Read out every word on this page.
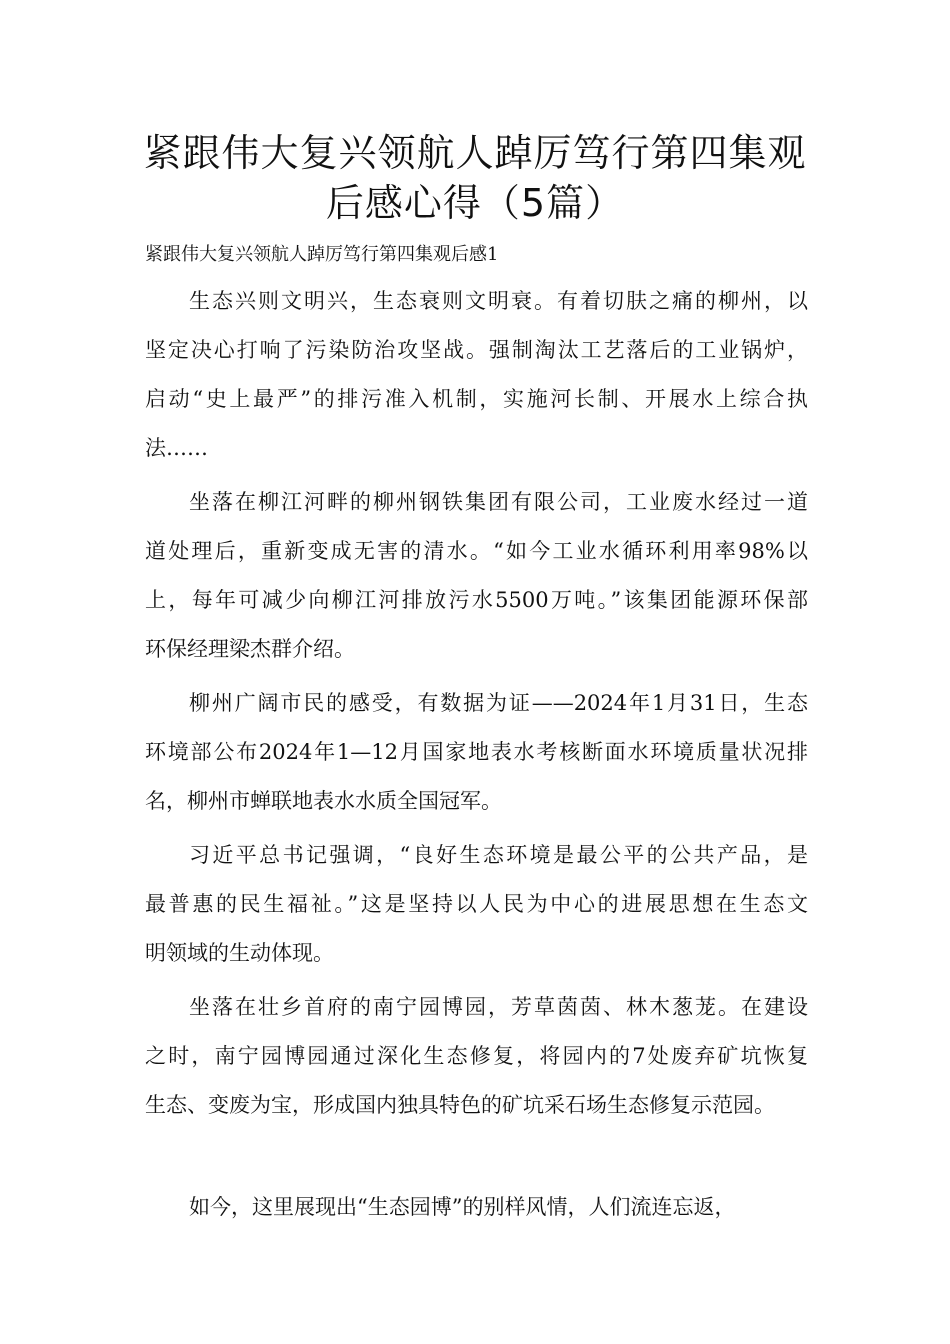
紧跟伟大复兴领航人踔厉笃行第四集观
后感心得（5篇）
紧跟伟大复兴领航人踔厉笃行第四集观后感1
生态兴则文明兴，生态衰则文明衰。有着切肤之痛的柳州，以
坚定决心打响了污染防治攻坚战。强制淘汰工艺落后的工业锅炉，
启动“史上最严”的排污准入机制，实施河长制、开展水上综合执
法……
坐落在柳江河畔的柳州钢铁集团有限公司，工业废水经过一道
道处理后，重新变成无害的清水。“如今工业水循环利用率98%以
上，每年可减少向柳江河排放污水5500万吨。”该集团能源环保部
环保经理梁杰群介绍。
柳州广阔市民的感受，有数据为证——2024年1月31日，生态
环境部公布2024年1—12月国家地表水考核断面水环境质量状况排
名，柳州市蝉联地表水水质全国冠军。
习近平总书记强调，“良好生态环境是最公平的公共产品，是
最普惠的民生福祉。”这是坚持以人民为中心的进展思想在生态文
明领域的生动体现。
坐落在壮乡首府的南宁园博园，芳草茵茵、林木葱茏。在建设
之时，南宁园博园通过深化生态修复，将园内的7处废弃矿坑恢复
生态、变废为宝，形成国内独具特色的矿坑采石场生态修复示范园。
如今，这里展现出“生态园博”的别样风情，人们流连忘返，
